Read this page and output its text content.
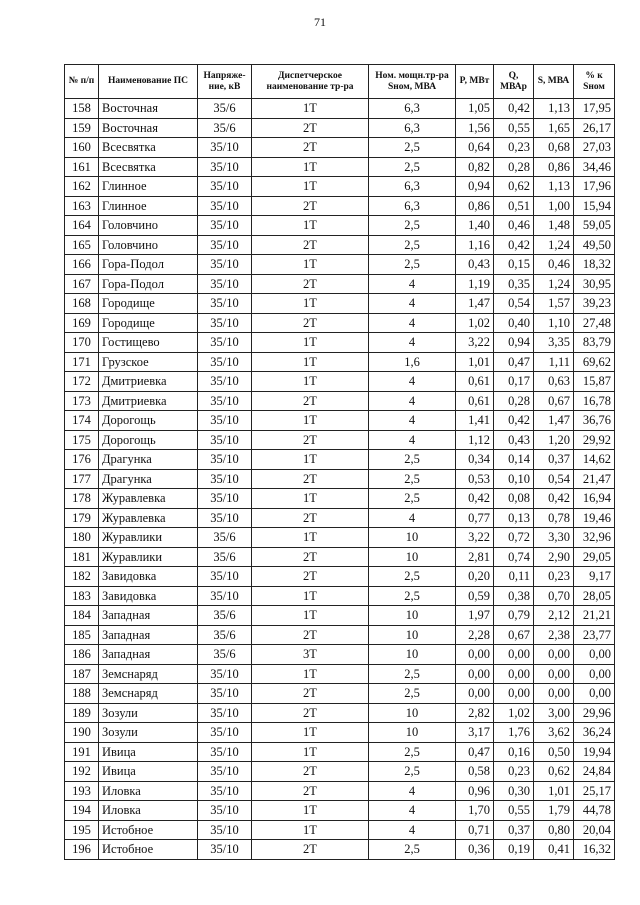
71
№ п/п	Наименование ПС	Напряже-ние, кВ	Диспетчерское наименование тр-ра	Ном. мощн.тр-ра Sном, МВА	P, МВт	Q, МВАр	S, МВА	% к Sном
158	Восточная	35/6	1Т	6,3	1,05	0,42	1,13	17,95
159	Восточная	35/6	2Т	6,3	1,56	0,55	1,65	26,17
160	Всесвятка	35/10	2Т	2,5	0,64	0,23	0,68	27,03
161	Всесвятка	35/10	1Т	2,5	0,82	0,28	0,86	34,46
162	Глинное	35/10	1Т	6,3	0,94	0,62	1,13	17,96
163	Глинное	35/10	2Т	6,3	0,86	0,51	1,00	15,94
164	Головчино	35/10	1Т	2,5	1,40	0,46	1,48	59,05
165	Головчино	35/10	2Т	2,5	1,16	0,42	1,24	49,50
166	Гора-Подол	35/10	1Т	2,5	0,43	0,15	0,46	18,32
167	Гора-Подол	35/10	2Т	4	1,19	0,35	1,24	30,95
168	Городище	35/10	1Т	4	1,47	0,54	1,57	39,23
169	Городище	35/10	2Т	4	1,02	0,40	1,10	27,48
170	Гостищево	35/10	1Т	4	3,22	0,94	3,35	83,79
171	Грузское	35/10	1Т	1,6	1,01	0,47	1,11	69,62
172	Дмитриевка	35/10	1Т	4	0,61	0,17	0,63	15,87
173	Дмитриевка	35/10	2Т	4	0,61	0,28	0,67	16,78
174	Дорогощь	35/10	1Т	4	1,41	0,42	1,47	36,76
175	Дорогощь	35/10	2Т	4	1,12	0,43	1,20	29,92
176	Драгунка	35/10	1Т	2,5	0,34	0,14	0,37	14,62
177	Драгунка	35/10	2Т	2,5	0,53	0,10	0,54	21,47
178	Журавлевка	35/10	1Т	2,5	0,42	0,08	0,42	16,94
179	Журавлевка	35/10	2Т	4	0,77	0,13	0,78	19,46
180	Журавлики	35/6	1Т	10	3,22	0,72	3,30	32,96
181	Журавлики	35/6	2Т	10	2,81	0,74	2,90	29,05
182	Завидовка	35/10	2Т	2,5	0,20	0,11	0,23	9,17
183	Завидовка	35/10	1Т	2,5	0,59	0,38	0,70	28,05
184	Западная	35/6	1Т	10	1,97	0,79	2,12	21,21
185	Западная	35/6	2Т	10	2,28	0,67	2,38	23,77
186	Западная	35/6	3Т	10	0,00	0,00	0,00	0,00
187	Земснаряд	35/10	1Т	2,5	0,00	0,00	0,00	0,00
188	Земснаряд	35/10	2Т	2,5	0,00	0,00	0,00	0,00
189	Зозули	35/10	2Т	10	2,82	1,02	3,00	29,96
190	Зозули	35/10	1Т	10	3,17	1,76	3,62	36,24
191	Ивица	35/10	1Т	2,5	0,47	0,16	0,50	19,94
192	Ивица	35/10	2Т	2,5	0,58	0,23	0,62	24,84
193	Иловка	35/10	2Т	4	0,96	0,30	1,01	25,17
194	Иловка	35/10	1Т	4	1,70	0,55	1,79	44,78
195	Истобное	35/10	1Т	4	0,71	0,37	0,80	20,04
196	Истобное	35/10	2Т	2,5	0,36	0,19	0,41	16,32
